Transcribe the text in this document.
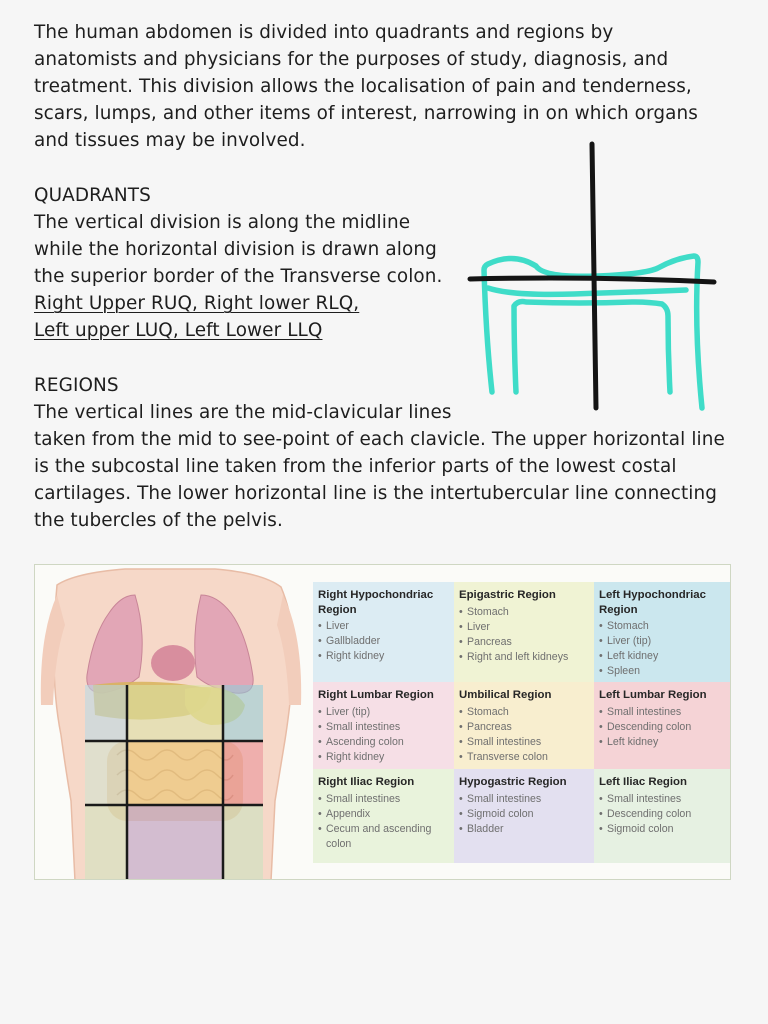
The human abdomen is divided into quadrants and regions by
anatomists and physicians for the purposes of study, diagnosis, and
treatment. This division allows the localisation of pain and tenderness,
scars, lumps, and other items of interest, narrowing in on which organs
and tissues may be involved.
QUADRANTS
The vertical division is along the midline
while the horizontal division is drawn along
the superior border of the Transverse colon.
Right Upper RUQ, Right lower RLQ,
Left upper LUQ, Left Lower LLQ
REGIONS
The vertical lines are the mid-clavicular lines
taken from the mid to see-point of each clavicle. The upper horizontal line
is the subcostal line taken from the inferior parts of the lowest costal
cartilages. The lower horizontal line is the intertubercular line connecting
the tubercles of the pelvis.
Right Hypochondriac
Region
• Liver
• Gallbladder
• Right kidney
Epigastric Region
• Stomach
• Liver
• Pancreas
• Right and left kidneys
Left Hypochondriac
Region
• Stomach
• Liver (tip)
• Left kidney
• Spleen
Right Lumbar Region
• Liver (tip)
• Small intestines
• Ascending colon
• Right kidney
Umbilical Region
• Stomach
• Pancreas
• Small intestines
• Transverse colon
Left Lumbar Region
• Small intestines
• Descending colon
• Left kidney
Right Iliac Region
• Small intestines
• Appendix
• Cecum and ascending colon
Hypogastric Region
• Small intestines
• Sigmoid colon
• Bladder
Left Iliac Region
• Small intestines
• Descending colon
• Sigmoid colon
